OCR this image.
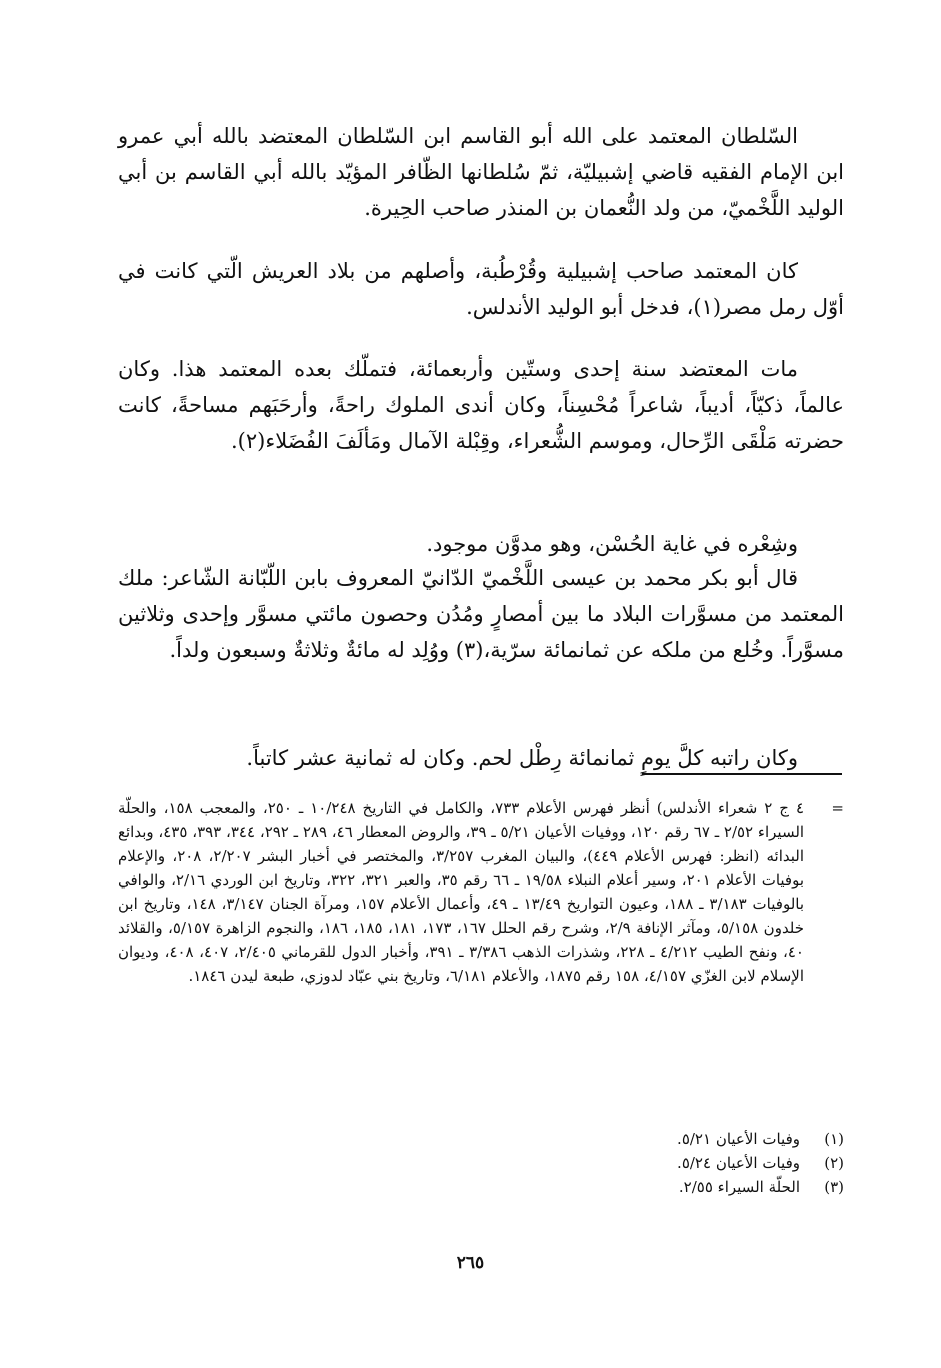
السّلطان المعتمد على الله أبو القاسم ابن السّلطان المعتضد بالله أبي عمرو ابن الإمام الفقيه قاضي إشبيليّة، ثمّ سُلطانها الظّافر المؤيّد بالله أبي القاسم بن أبي الوليد اللَّخْميّ، من ولد النُّعمان بن المنذر صاحب الحِيرة.

كان المعتمد صاحب إشبيلية وقُرْطُبة، وأصلهم من بلاد العريش الّتي كانت في أوّل رمل مصر(١)، فدخل أبو الوليد الأندلس.

مات المعتضد سنة إحدى وستّين وأربعمائة، فتملّك بعده المعتمد هذا. وكان عالماً، ذكيّاً، أديباً، شاعراً مُحْسِناً، وكان أندى الملوك راحةً، وأرحَبَهم مساحةً، كانت حضرته مَلْقَى الرِّحال، وموسم الشُّعراء، وقِبْلة الآمال ومَألَفَ الفُضَلاء(٢).

وشِعْره في غاية الحُسْن، وهو مدوَّن موجود.

قال أبو بكر محمد بن عيسى اللَّخْميّ الدّانيّ المعروف بابن اللّبّانة الشّاعر: ملك المعتمد من مسوَّرات البلاد ما بين أمصارٍ ومُدُن وحصون مائتي مسوَّر وإحدى وثلاثين مسوَّراً. وخُلع من ملكه عن ثمانمائة سرّية،(٣) ووُلِد له مائةٌ وثلاثةٌ وسبعون ولداً.

وكان راتبه كلَّ يومٍ ثمانمائة رِطْل لحم. وكان له ثمانية عشر كاتباً.

=
٤ ج ٢ شعراء الأندلس) أنظر فهرس الأعلام ٧٣٣، والكامل في التاريخ ١٠/٢٤٨ ـ ٢٥٠، والمعجب ١٥٨، والحلّة السيراء ٢/٥٢ ـ ٦٧ رقم ١٢٠، ووفيات الأعيان ٥/٢١ ـ ٣٩، والروض المعطار ٤٦، ٢٨٩ ـ ٢٩٢، ٣٤٤، ٣٩٣، ٤٣٥، وبدائع البدائه (انظر: فهرس الأعلام ٤٤٩)، والبيان المغرب ٣/٢٥٧، والمختصر في أخبار البشر ٢/٢٠٧، ٢٠٨، والإعلام بوفيات الأعلام ٢٠١، وسير أعلام النبلاء ١٩/٥٨ ـ ٦٦ رقم ٣٥، والعبر ٣٢١، ٣٢٢، وتاريخ ابن الوردي ٢/١٦، والوافي بالوفيات ٣/١٨٣ ـ ١٨٨، وعيون التواريخ ١٣/٤٩ ـ ٤٩، وأعمال الأعلام ١٥٧، ومرآة الجنان ٣/١٤٧، ١٤٨، وتاريخ ابن خلدون ٥/١٥٨، ومآثر الإنافة ٢/٩، وشرح رقم الحلل ١٦٧، ١٧٣، ١٨١، ١٨٥، ١٨٦، والنجوم الزاهرة ٥/١٥٧، والقلائد ٤٠، ونفح الطيب ٤/٢١٢ ـ ٢٢٨، وشذرات الذهب ٣/٣٨٦ ـ ٣٩١، وأخبار الدول للقرماني ٢/٤٠٥، ٤٠٧، ٤٠٨، وديوان الإسلام لابن الغزّي ٤/١٥٧، ١٥٨ رقم ١٨٧٥، والأعلام ٦/١٨١، وتاريخ بني عبّاد لدوزي، طبعة ليدن ١٨٤٦.
(١)
وفيات الأعيان ٥/٢١.
(٢)
وفيات الأعيان ٥/٢٤.
(٣)
الحلّة السيراء ٢/٥٥.
٢٦٥
